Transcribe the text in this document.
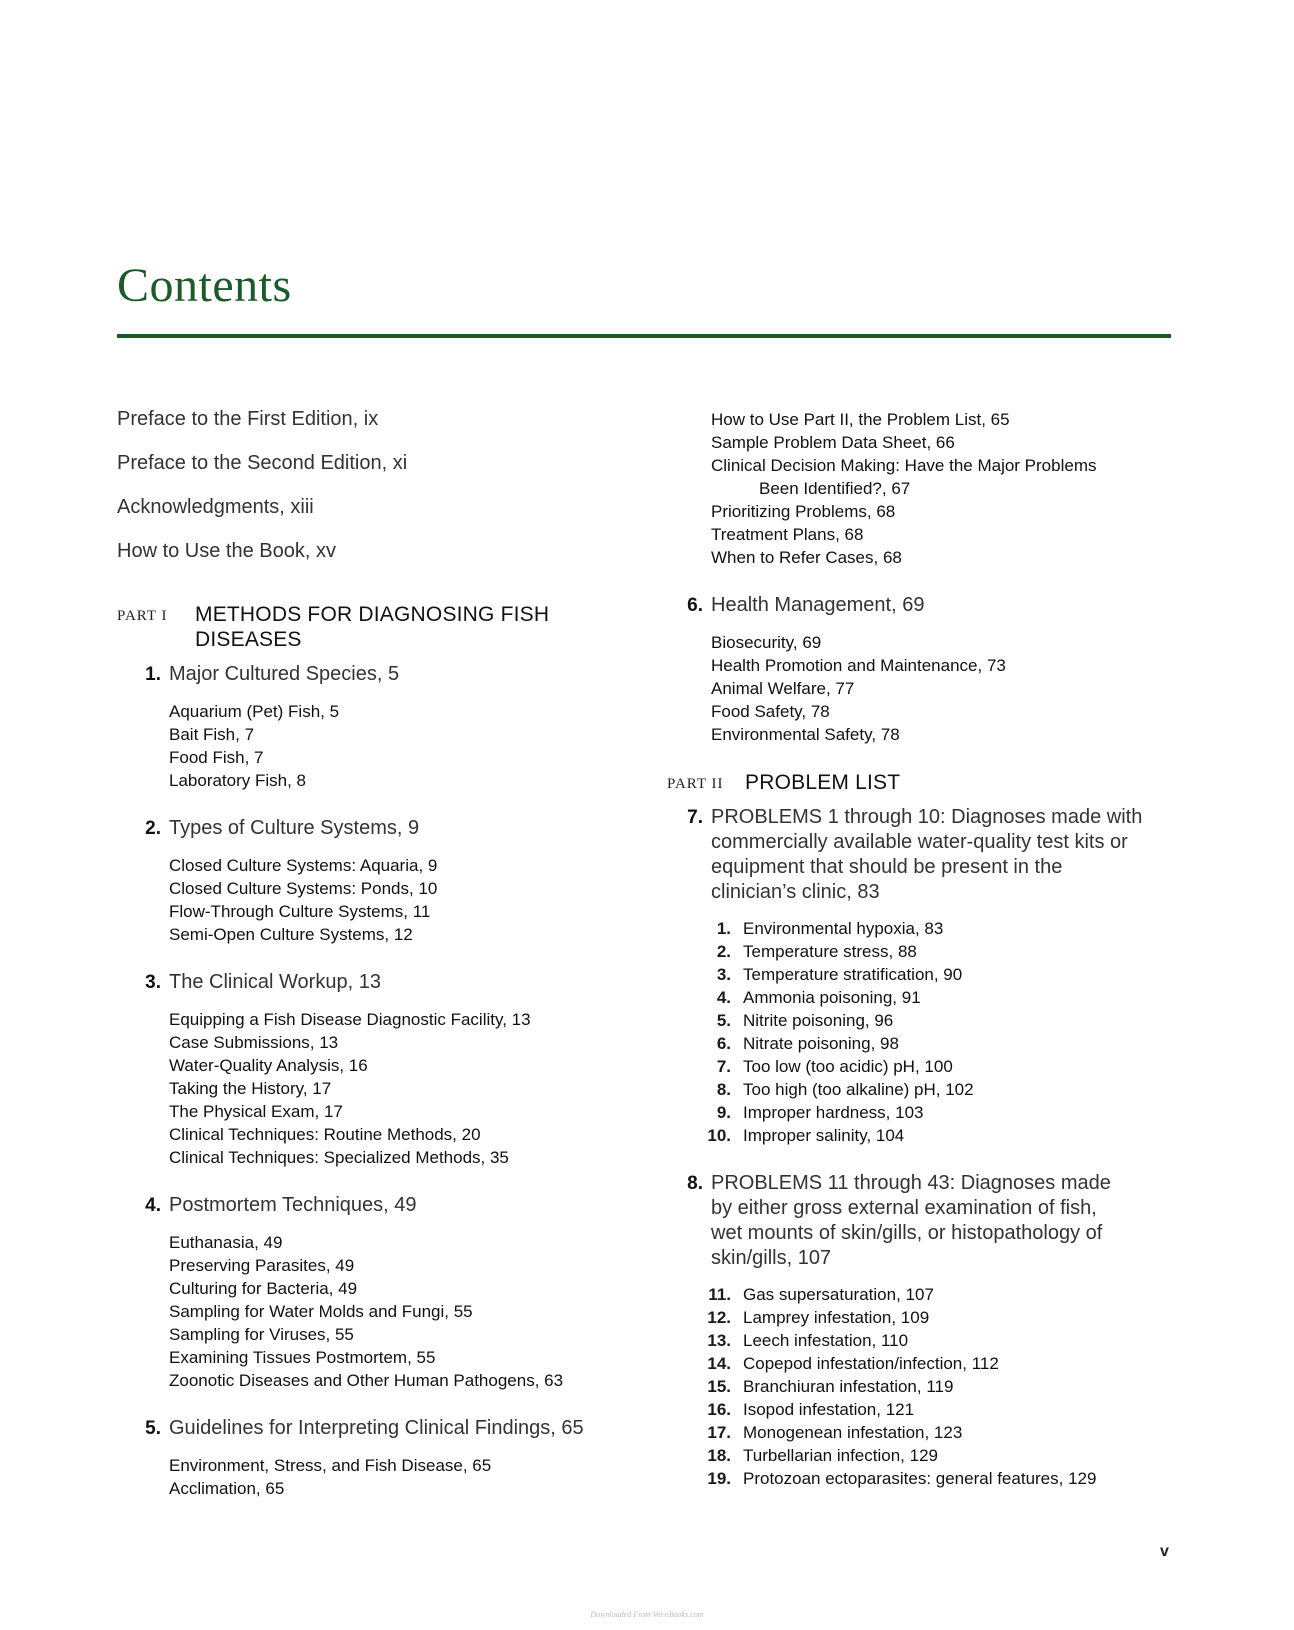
Contents
Preface to the First Edition, ix
Preface to the Second Edition, xi
Acknowledgments, xiii
How to Use the Book, xv
PART I	METHODS FOR DIAGNOSING FISH DISEASES
1. Major Cultured Species, 5
Aquarium (Pet) Fish, 5
Bait Fish, 7
Food Fish, 7
Laboratory Fish, 8
2. Types of Culture Systems, 9
Closed Culture Systems: Aquaria, 9
Closed Culture Systems: Ponds, 10
Flow-Through Culture Systems, 11
Semi-Open Culture Systems, 12
3. The Clinical Workup, 13
Equipping a Fish Disease Diagnostic Facility, 13
Case Submissions, 13
Water-Quality Analysis, 16
Taking the History, 17
The Physical Exam, 17
Clinical Techniques: Routine Methods, 20
Clinical Techniques: Specialized Methods, 35
4. Postmortem Techniques, 49
Euthanasia, 49
Preserving Parasites, 49
Culturing for Bacteria, 49
Sampling for Water Molds and Fungi, 55
Sampling for Viruses, 55
Examining Tissues Postmortem, 55
Zoonotic Diseases and Other Human Pathogens, 63
5. Guidelines for Interpreting Clinical Findings, 65
Environment, Stress, and Fish Disease, 65
Acclimation, 65
How to Use Part II, the Problem List, 65
Sample Problem Data Sheet, 66
Clinical Decision Making: Have the Major Problems
Been Identified?, 67
Prioritizing Problems, 68
Treatment Plans, 68
When to Refer Cases, 68
6. Health Management, 69
Biosecurity, 69
Health Promotion and Maintenance, 73
Animal Welfare, 77
Food Safety, 78
Environmental Safety, 78
PART II	PROBLEM LIST
7. PROBLEMS 1 through 10: Diagnoses made with commercially available water-quality test kits or equipment that should be present in the clinician’s clinic, 83
1. Environmental hypoxia, 83
2. Temperature stress, 88
3. Temperature stratification, 90
4. Ammonia poisoning, 91
5. Nitrite poisoning, 96
6. Nitrate poisoning, 98
7. Too low (too acidic) pH, 100
8. Too high (too alkaline) pH, 102
9. Improper hardness, 103
10. Improper salinity, 104
8. PROBLEMS 11 through 43: Diagnoses made by either gross external examination of fish, wet mounts of skin/gills, or histopathology of skin/gills, 107
11. Gas supersaturation, 107
12. Lamprey infestation, 109
13. Leech infestation, 110
14. Copepod infestation/infection, 112
15. Branchiuran infestation, 119
16. Isopod infestation, 121
17. Monogenean infestation, 123
18. Turbellarian infection, 129
19. Protozoan ectoparasites: general features, 129
v
Downloaded From Vet-eBooks.com
